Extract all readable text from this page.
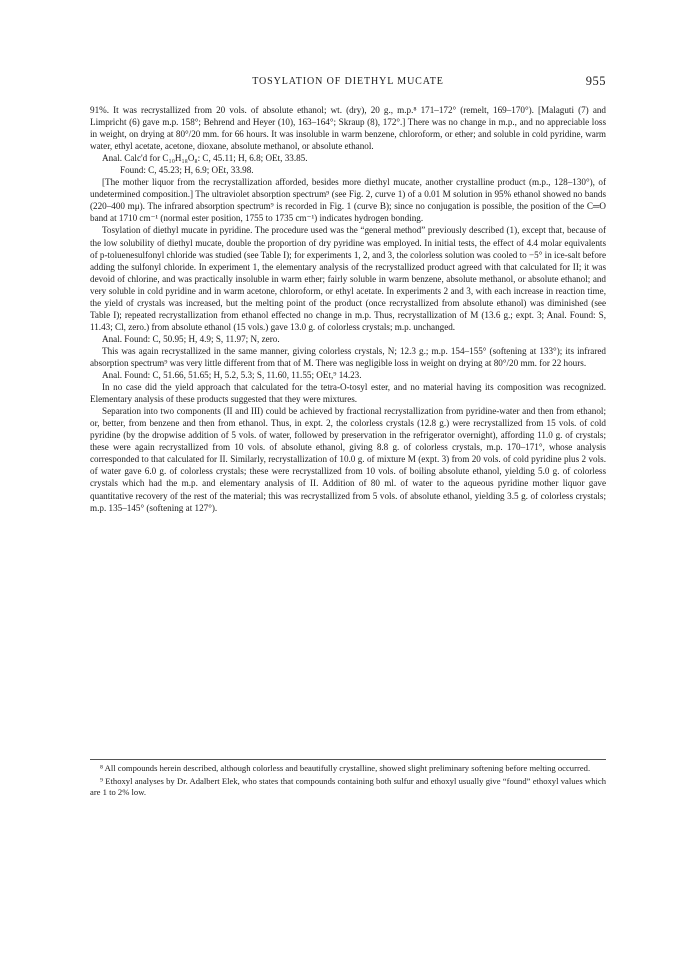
TOSYLATION OF DIETHYL MUCATE	955

91%. It was recrystallized from 20 vols. of absolute ethanol; wt. (dry), 20 g., m.p.⁸ 171–172° (remelt, 169–170°). [Malaguti (7) and Limpricht (6) gave m.p. 158°; Behrend and Heyer (10), 163–164°; Skraup (8), 172°.] There was no change in m.p., and no appreciable loss in weight, on drying at 80°/20 mm. for 66 hours. It was insoluble in warm benzene, chloroform, or ether; and soluble in cold pyridine, warm water, ethyl acetate, acetone, dioxane, absolute methanol, or absolute ethanol.

Anal. Calc'd for C₁₀H₁₈O₈: C, 45.11; H, 6.8; OEt, 33.85.

Found: C, 45.23; H, 6.9; OEt, 33.98.

[The mother liquor from the recrystallization afforded, besides more diethyl mucate, another crystalline product (m.p., 128–130°), of undetermined composition.] The ultraviolet absorption spectrum⁹ (see Fig. 2, curve 1) of a 0.01 M solution in 95% ethanol showed no bands (220–400 mμ). The infrared absorption spectrum⁹ is recorded in Fig. 1 (curve B); since no conjugation is possible, the position of the C═O band at 1710 cm⁻¹ (normal ester position, 1755 to 1735 cm⁻¹) indicates hydrogen bonding.

Tosylation of diethyl mucate in pyridine. The procedure used was the “general method” previously described (1), except that, because of the low solubility of diethyl mucate, double the proportion of dry pyridine was employed. In initial tests, the effect of 4.4 molar equivalents of p-toluenesulfonyl chloride was studied (see Table I); for experiments 1, 2, and 3, the colorless solution was cooled to −5° in ice-salt before adding the sulfonyl chloride. In experiment 1, the elementary analysis of the recrystallized product agreed with that calculated for II; it was devoid of chlorine, and was practically insoluble in warm ether; fairly soluble in warm benzene, absolute methanol, or absolute ethanol; and very soluble in cold pyridine and in warm acetone, chloroform, or ethyl acetate. In experiments 2 and 3, with each increase in reaction time, the yield of crystals was increased, but the melting point of the product (once recrystallized from absolute ethanol) was diminished (see Table I); repeated recrystallization from ethanol effected no change in m.p. Thus, recrystallization of M (13.6 g.; expt. 3; Anal. Found: S, 11.43; Cl, zero.) from absolute ethanol (15 vols.) gave 13.0 g. of colorless crystals; m.p. unchanged.

Anal. Found: C, 50.95; H, 4.9; S, 11.97; N, zero.

This was again recrystallized in the same manner, giving colorless crystals, N; 12.3 g.; m.p. 154–155° (softening at 133°); its infrared absorption spectrum⁹ was very little different from that of M. There was negligible loss in weight on drying at 80°/20 mm. for 22 hours.

Anal. Found: C, 51.66, 51.65; H, 5.2, 5.3; S, 11.60, 11.55; OEt,⁹ 14.23.

In no case did the yield approach that calculated for the tetra-O-tosyl ester, and no material having its composition was recognized. Elementary analysis of these products suggested that they were mixtures.

Separation into two components (II and III) could be achieved by fractional recrystallization from pyridine-water and then from ethanol; or, better, from benzene and then from ethanol. Thus, in expt. 2, the colorless crystals (12.8 g.) were recrystallized from 15 vols. of cold pyridine (by the dropwise addition of 5 vols. of water, followed by preservation in the refrigerator overnight), affording 11.0 g. of crystals; these were again recrystallized from 10 vols. of absolute ethanol, giving 8.8 g. of colorless crystals, m.p. 170–171°, whose analysis corresponded to that calculated for II. Similarly, recrystallization of 10.0 g. of mixture M (expt. 3) from 20 vols. of cold pyridine plus 2 vols. of water gave 6.0 g. of colorless crystals; these were recrystallized from 10 vols. of boiling absolute ethanol, yielding 5.0 g. of colorless crystals which had the m.p. and elementary analysis of II. Addition of 80 ml. of water to the aqueous pyridine mother liquor gave quantitative recovery of the rest of the material; this was recrystallized from 5 vols. of absolute ethanol, yielding 3.5 g. of colorless crystals; m.p. 135–145° (softening at 127°).

⁸ All compounds herein described, although colorless and beautifully crystalline, showed slight preliminary softening before melting occurred.

⁹ Ethoxyl analyses by Dr. Adalbert Elek, who states that compounds containing both sulfur and ethoxyl usually give “found” ethoxyl values which are 1 to 2% low.
